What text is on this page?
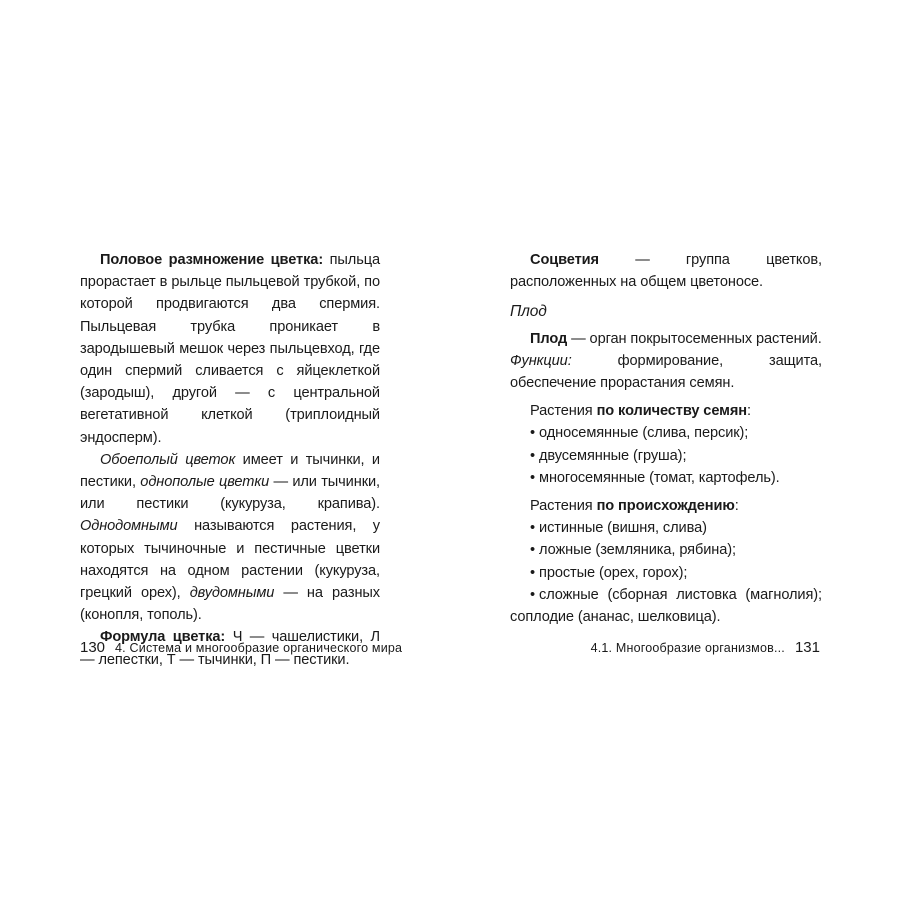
Половое размножение цветка: пыльца прорастает в рыльце пыльцевой трубкой, по которой продвигаются два спермия. Пыльцевая трубка проникает в зародышевый мешок через пыльцевход, где один спермий сливается с яйцеклеткой (зародыш), другой — с центральной вегетативной клеткой (триплоидный эндосперм).

Обоеполый цветок имеет и тычинки, и пестики, однополые цветки — или тычинки, или пестики (кукуруза, крапива). Однодомными называются растения, у которых тычиночные и пестичные цветки находятся на одном растении (кукуруза, грецкий орех), двудомными — на разных (конопля, тополь).

Формула цветка: Ч — чашелистики, Л — лепестки, Т — тычинки, П — пестики.

130 4. Система и многообразие органического мира

Соцветия — группа цветков, расположенных на общем цветоносе.

Плод

Плод — орган покрытосеменных растений.

Функции: формирование, защита, обеспечение прорастания семян.

Растения по количеству семян:

• односемянные (слива, персик);
• двусемянные (груша);
• многосемянные (томат, картофель).

Растения по происхождению:

• истинные (вишня, слива)
• ложные (земляника, рябина);
• простые (орех, горох);
• сложные (сборная листовка (магнолия); соплодие (ананас, шелковица).
4.1. Многообразие организмов... 131
